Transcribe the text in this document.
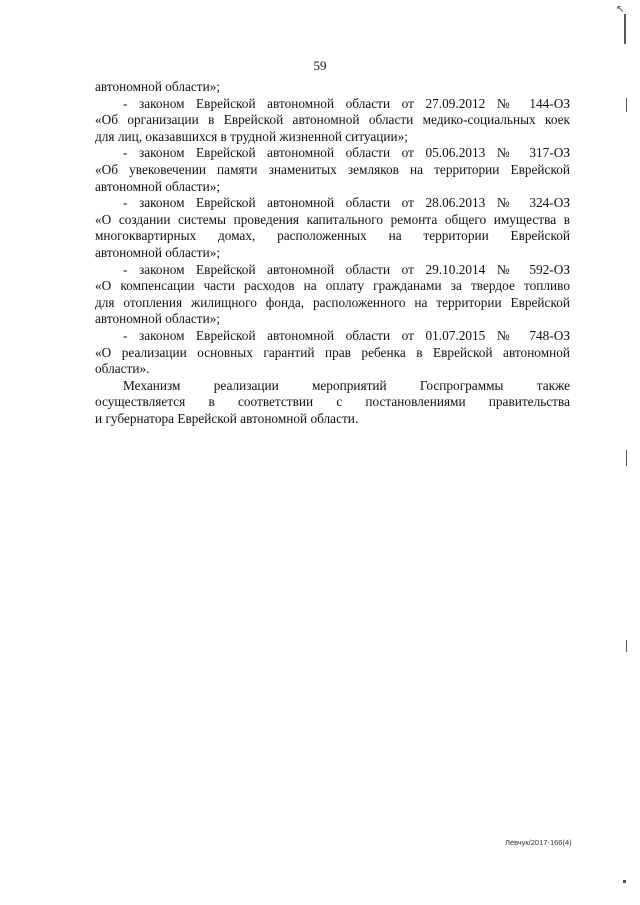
59
автономной области»;
- законом Еврейской автономной области от 27.09.2012 № 144-ОЗ
«Об организации в Еврейской автономной области медико-социальных коек
для лиц, оказавшихся в трудной жизненной ситуации»;
- законом Еврейской автономной области от 05.06.2013 № 317-ОЗ
«Об увековечении памяти знаменитых земляков на территории Еврейской
автономной области»;
- законом Еврейской автономной области от 28.06.2013 № 324-ОЗ
«О создании системы проведения капитального ремонта общего имущества в
многоквартирных домах, расположенных на территории Еврейской
автономной области»;
- законом Еврейской автономной области от 29.10.2014 № 592-ОЗ
«О компенсации части расходов на оплату гражданами за твердое топливо
для отопления жилищного фонда, расположенного на территории Еврейской
автономной области»;
- законом Еврейской автономной области от 01.07.2015 № 748-ОЗ
«О реализации основных гарантий прав ребенка в Еврейской автономной
области».
Механизм реализации мероприятий Госпрограммы также
осуществляется в соответствии с постановлениями правительства
и губернатора Еврейской автономной области.
Левчук/2017-166(4)
↖
